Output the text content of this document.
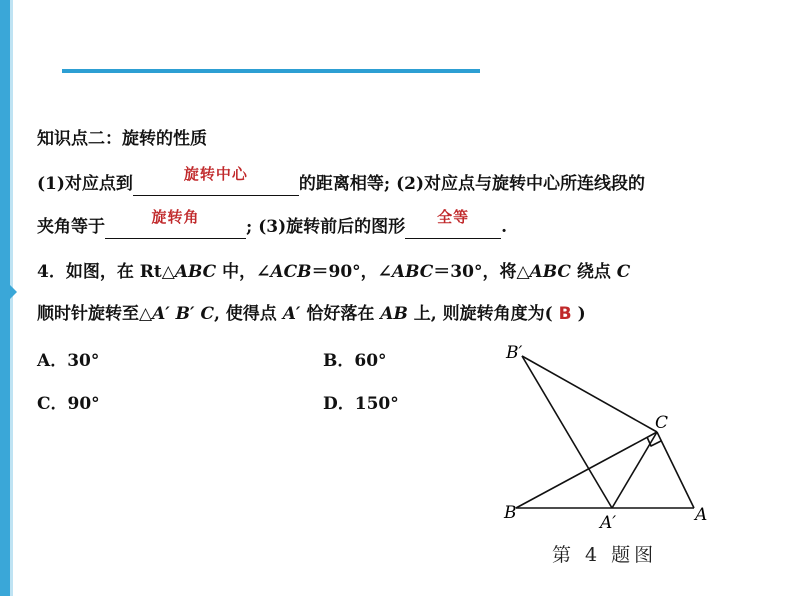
知识点二：旋转的性质
(1)对应点到	旋转中心	的距离相等; (2)对应点与旋转中心所连线段的
夹角等于	旋转角	; (3)旋转前后的图形	全等	.
4．如图，在 Rt△ABC 中，∠ACB＝90°，∠ABC＝30°，将△ABC 绕点 C
顺时针旋转至△A′ B′ C, 使得点 A′ 恰好落在 AB 上, 则旋转角度为( B )
A．30°	B．60°
C．90°	D．150°
B′
C
B	A′	A
第 4 题图
